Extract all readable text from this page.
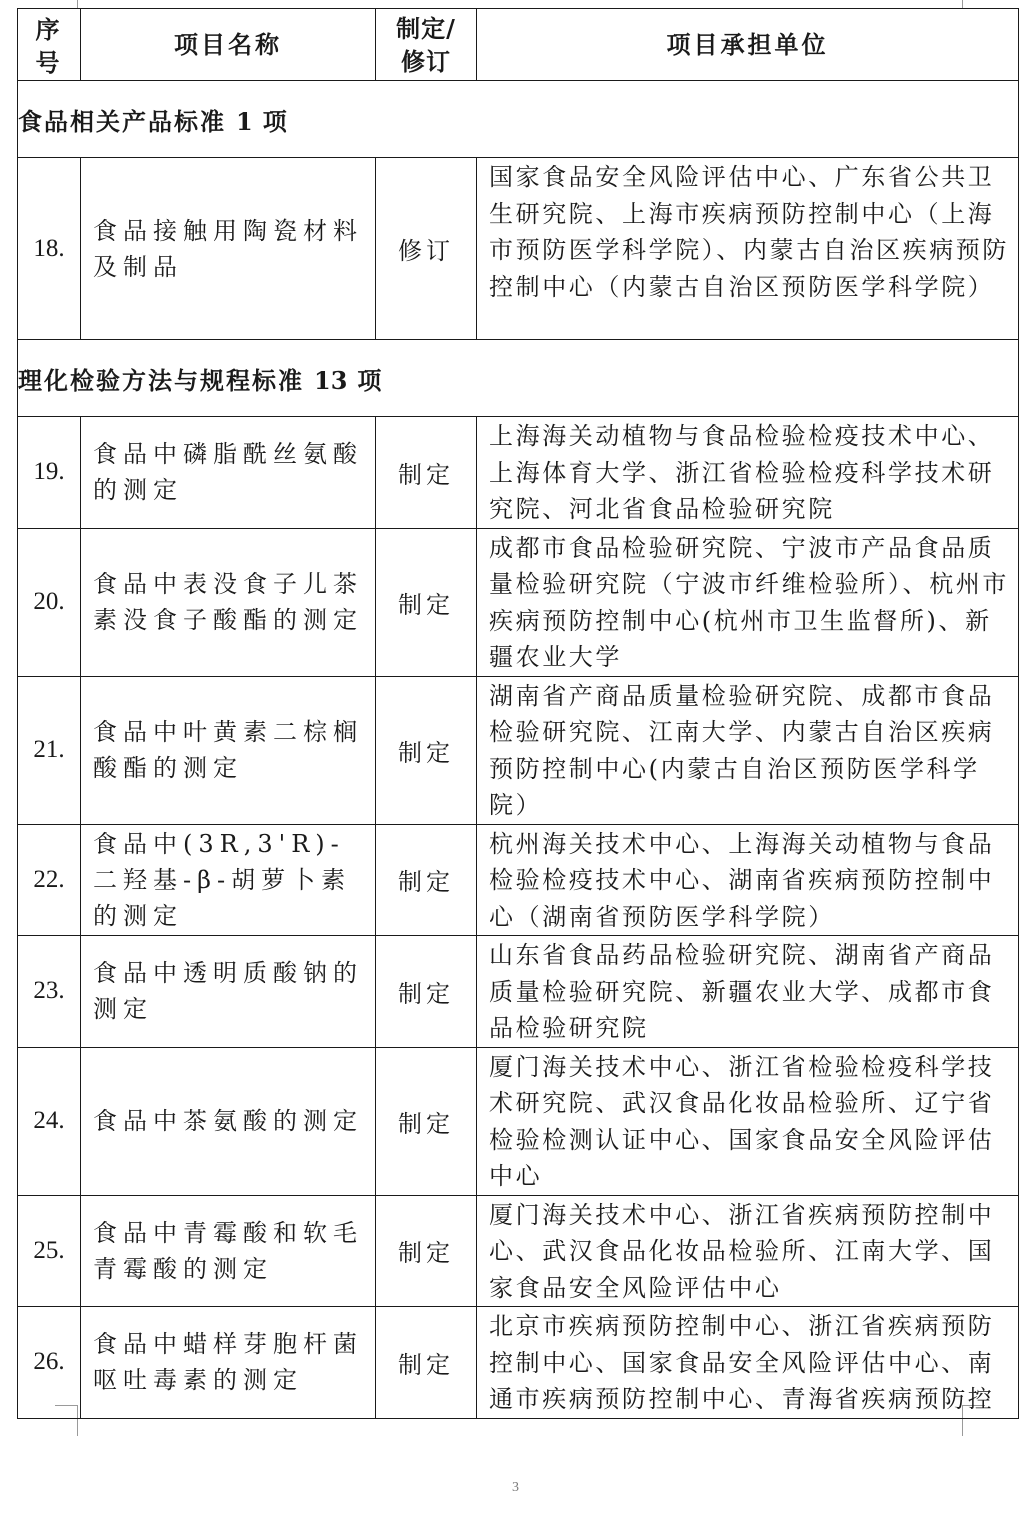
序号	项目名称	制定/修订	项目承担单位
食品相关产品标准 1 项			
18.	食品接触用陶瓷材料及制品	修订	国家食品安全风险评估中心、广东省公共卫生研究院、上海市疾病预防控制中心（上海市预防医学科学院）、内蒙古自治区疾病预防控制中心（内蒙古自治区预防医学科学院）
理化检验方法与规程标准 13 项			
19.	食品中磷脂酰丝氨酸的测定	制定	上海海关动植物与食品检验检疫技术中心、上海体育大学、浙江省检验检疫科学技术研究院、河北省食品检验研究院
20.	食品中表没食子儿茶素没食子酸酯的测定	制定	成都市食品检验研究院、宁波市产品食品质量检验研究院（宁波市纤维检验所）、杭州市疾病预防控制中心(杭州市卫生监督所)、新疆农业大学
21.	食品中叶黄素二棕榈酸酯的测定	制定	湖南省产商品质量检验研究院、成都市食品检验研究院、江南大学、内蒙古自治区疾病预防控制中心(内蒙古自治区预防医学科学院）
22.	食品中(3R,3'R)-二羟基-β-胡萝卜素的测定	制定	杭州海关技术中心、上海海关动植物与食品检验检疫技术中心、湖南省疾病预防控制中心（湖南省预防医学科学院）
23.	食品中透明质酸钠的测定	制定	山东省食品药品检验研究院、湖南省产商品质量检验研究院、新疆农业大学、成都市食品检验研究院
24.	食品中茶氨酸的测定	制定	厦门海关技术中心、浙江省检验检疫科学技术研究院、武汉食品化妆品检验所、辽宁省检验检测认证中心、国家食品安全风险评估中心
25.	食品中青霉酸和软毛青霉酸的测定	制定	厦门海关技术中心、浙江省疾病预防控制中心、武汉食品化妆品检验所、江南大学、国家食品安全风险评估中心
26.	食品中蜡样芽胞杆菌呕吐毒素的测定	制定	北京市疾病预防控制中心、浙江省疾病预防控制中心、国家食品安全风险评估中心、南通市疾病预防控制中心、青海省疾病预防控
3
